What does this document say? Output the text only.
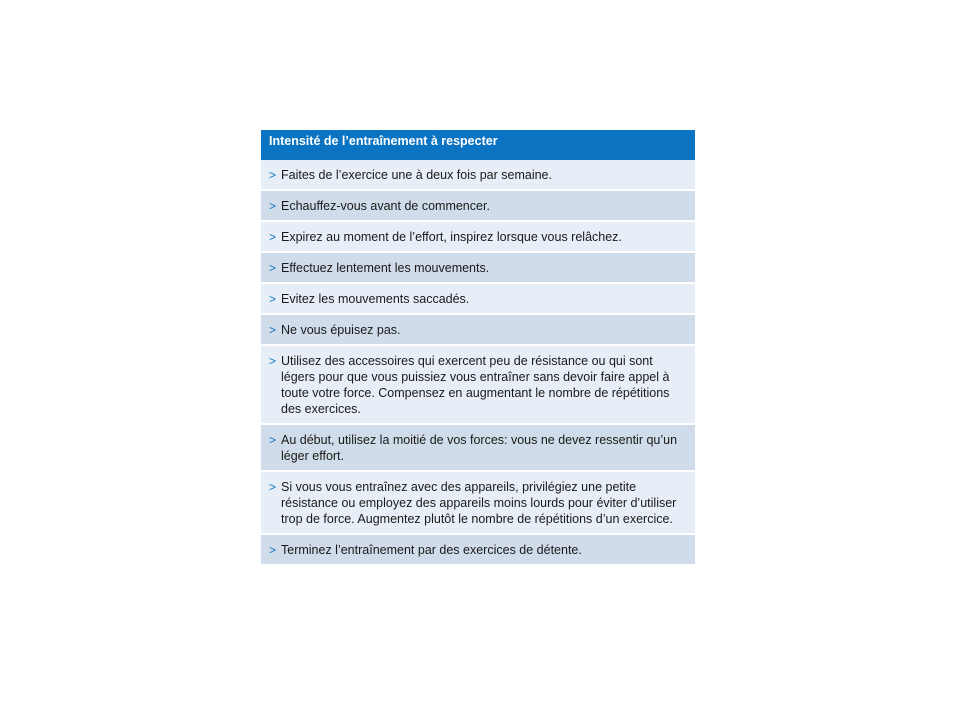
Intensité de l’entraînement à respecter
> Faites de l’exercice une à deux fois par semaine.
> Echauffez-vous avant de commencer.
> Expirez au moment de l’effort, inspirez lorsque vous relâchez.
> Effectuez lentement les mouvements.
> Evitez les mouvements saccadés.
> Ne vous épuisez pas.
> Utilisez des accessoires qui exercent peu de résistance ou qui sont légers pour que vous puissiez vous entraîner sans devoir faire appel à toute votre force. Compensez en augmentant le nombre de répétitions des exercices.
> Au début, utilisez la moitié de vos forces: vous ne devez ressentir qu’un léger effort.
> Si vous vous entraînez avec des appareils, privilégiez une petite résistance ou employez des appareils moins lourds pour éviter d’utiliser trop de force. Augmentez plutôt le nombre de répétitions d’un exercice.
> Terminez l’entraînement par des exercices de détente.
